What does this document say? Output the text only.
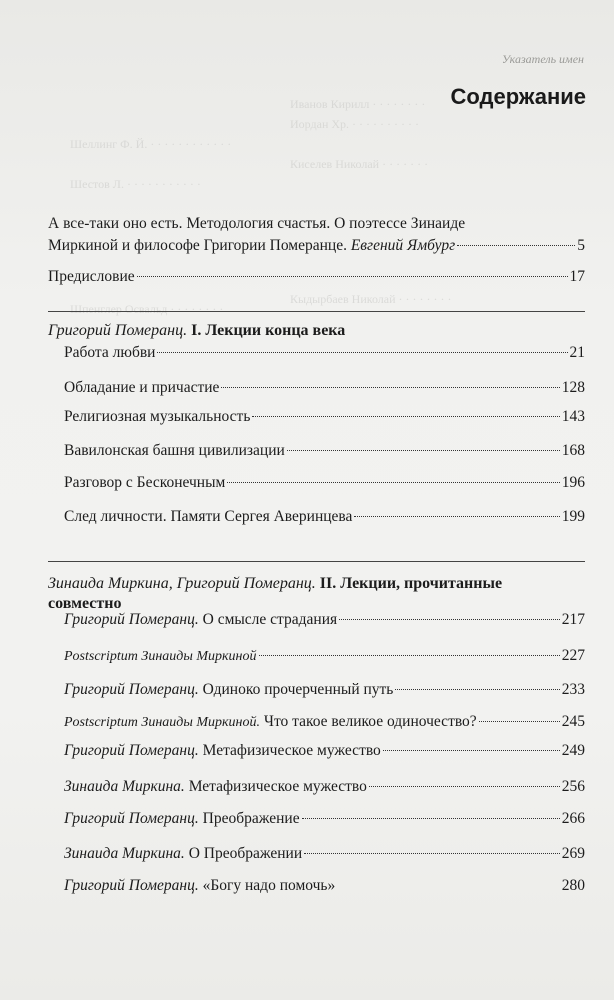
Иванов Кирилл · · · · · · · ·
Иордан Хр. · · · · · · · · · ·
Шеллинг Ф. Й. · · · · · · · · · · · ·
Киселев Николай · · · · · · ·
Шестов Л. · · · · · · · · · · ·
Кыдырбаев Николай · · · · · · · ·
Шпенглер Освальд · · · · · · · ·
Указатель имен
Содержание
А все-таки оно есть. Методология счастья. О поэтессе Зинаиде
Миркиной и философе Григории Померанце. Евгений Ямбург	5
Предисловие	17
Григорий Померанц. I. Лекции конца века
Работа любви	21
Обладание и причастие	128
Религиозная музыкальность	143
Вавилонская башня цивилизации	168
Разговор с Бесконечным	196
След личности. Памяти Сергея Аверинцева	199
Зинаида Миркина, Григорий Померанц. II. Лекции, прочитанные
совместно
Григорий Померанц. О смысле страдания	217
Postscriptum Зинаиды Миркиной	227
Григорий Померанц. Одиноко прочерченный путь	233
Postscriptum Зинаиды Миркиной. Что такое великое одиночество?	245
Григорий Померанц. Метафизическое мужество	249
Зинаида Миркина. Метафизическое мужество	256
Григорий Померанц. Преображение	266
Зинаида Миркина. О Преображении	269
Григорий Померанц. «Богу надо помочь»	280
